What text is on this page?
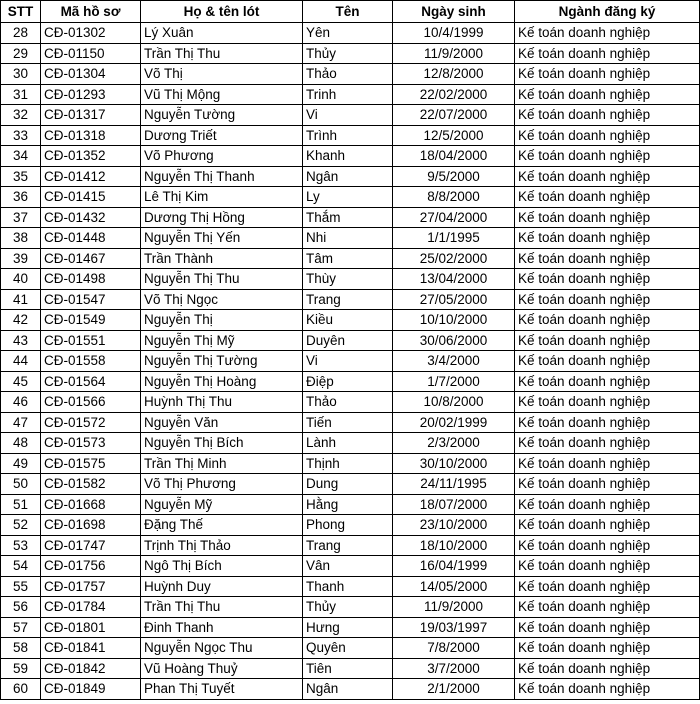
STT	Mã hồ sơ	Họ & tên lót	Tên	Ngày sinh	Ngành đăng ký
28	CĐ-01302	Lý Xuân	Yên	10/4/1999	Kế toán doanh nghiệp
29	CĐ-01150	Trần Thị Thu	Thủy	11/9/2000	Kế toán doanh nghiệp
30	CĐ-01304	Võ Thị	Thảo	12/8/2000	Kế toán doanh nghiệp
31	CĐ-01293	Vũ Thị Mộng	Trinh	22/02/2000	Kế toán doanh nghiệp
32	CĐ-01317	Nguyễn Tường	Vi	22/07/2000	Kế toán doanh nghiệp
33	CĐ-01318	Dương Triết	Trình	12/5/2000	Kế toán doanh nghiệp
34	CĐ-01352	Võ Phương	Khanh	18/04/2000	Kế toán doanh nghiệp
35	CĐ-01412	Nguyễn Thị Thanh	Ngân	9/5/2000	Kế toán doanh nghiệp
36	CĐ-01415	Lê Thị Kim	Ly	8/8/2000	Kế toán doanh nghiệp
37	CĐ-01432	Dương Thị Hồng	Thắm	27/04/2000	Kế toán doanh nghiệp
38	CĐ-01448	Nguyễn Thị Yến	Nhi	1/1/1995	Kế toán doanh nghiệp
39	CĐ-01467	Trần Thành	Tâm	25/02/2000	Kế toán doanh nghiệp
40	CĐ-01498	Nguyễn Thị Thu	Thùy	13/04/2000	Kế toán doanh nghiệp
41	CĐ-01547	Võ Thị Ngọc	Trang	27/05/2000	Kế toán doanh nghiệp
42	CĐ-01549	Nguyễn Thị	Kiều	10/10/2000	Kế toán doanh nghiệp
43	CĐ-01551	Nguyễn Thị Mỹ	Duyên	30/06/2000	Kế toán doanh nghiệp
44	CĐ-01558	Nguyễn Thị Tường	Vi	3/4/2000	Kế toán doanh nghiệp
45	CĐ-01564	Nguyễn Thị Hoàng	Điệp	1/7/2000	Kế toán doanh nghiệp
46	CĐ-01566	Huỳnh Thị Thu	Thảo	10/8/2000	Kế toán doanh nghiệp
47	CĐ-01572	Nguyễn Văn	Tiến	20/02/1999	Kế toán doanh nghiệp
48	CĐ-01573	Nguyễn Thị Bích	Lành	2/3/2000	Kế toán doanh nghiệp
49	CĐ-01575	Trần Thị Minh	Thịnh	30/10/2000	Kế toán doanh nghiệp
50	CĐ-01582	Võ Thị Phương	Dung	24/11/1995	Kế toán doanh nghiệp
51	CĐ-01668	Nguyễn Mỹ	Hằng	18/07/2000	Kế toán doanh nghiệp
52	CĐ-01698	Đặng Thế	Phong	23/10/2000	Kế toán doanh nghiệp
53	CĐ-01747	Trịnh Thị Thảo	Trang	18/10/2000	Kế toán doanh nghiệp
54	CĐ-01756	Ngô Thị Bích	Vân	16/04/1999	Kế toán doanh nghiệp
55	CĐ-01757	Huỳnh Duy	Thanh	14/05/2000	Kế toán doanh nghiệp
56	CĐ-01784	Trần Thị Thu	Thủy	11/9/2000	Kế toán doanh nghiệp
57	CĐ-01801	Đinh Thanh	Hưng	19/03/1997	Kế toán doanh nghiệp
58	CĐ-01841	Nguyễn Ngọc Thu	Quyên	7/8/2000	Kế toán doanh nghiệp
59	CĐ-01842	Vũ Hoàng Thuỷ	Tiên	3/7/2000	Kế toán doanh nghiệp
60	CĐ-01849	Phan Thị Tuyết	Ngân	2/1/2000	Kế toán doanh nghiệp
